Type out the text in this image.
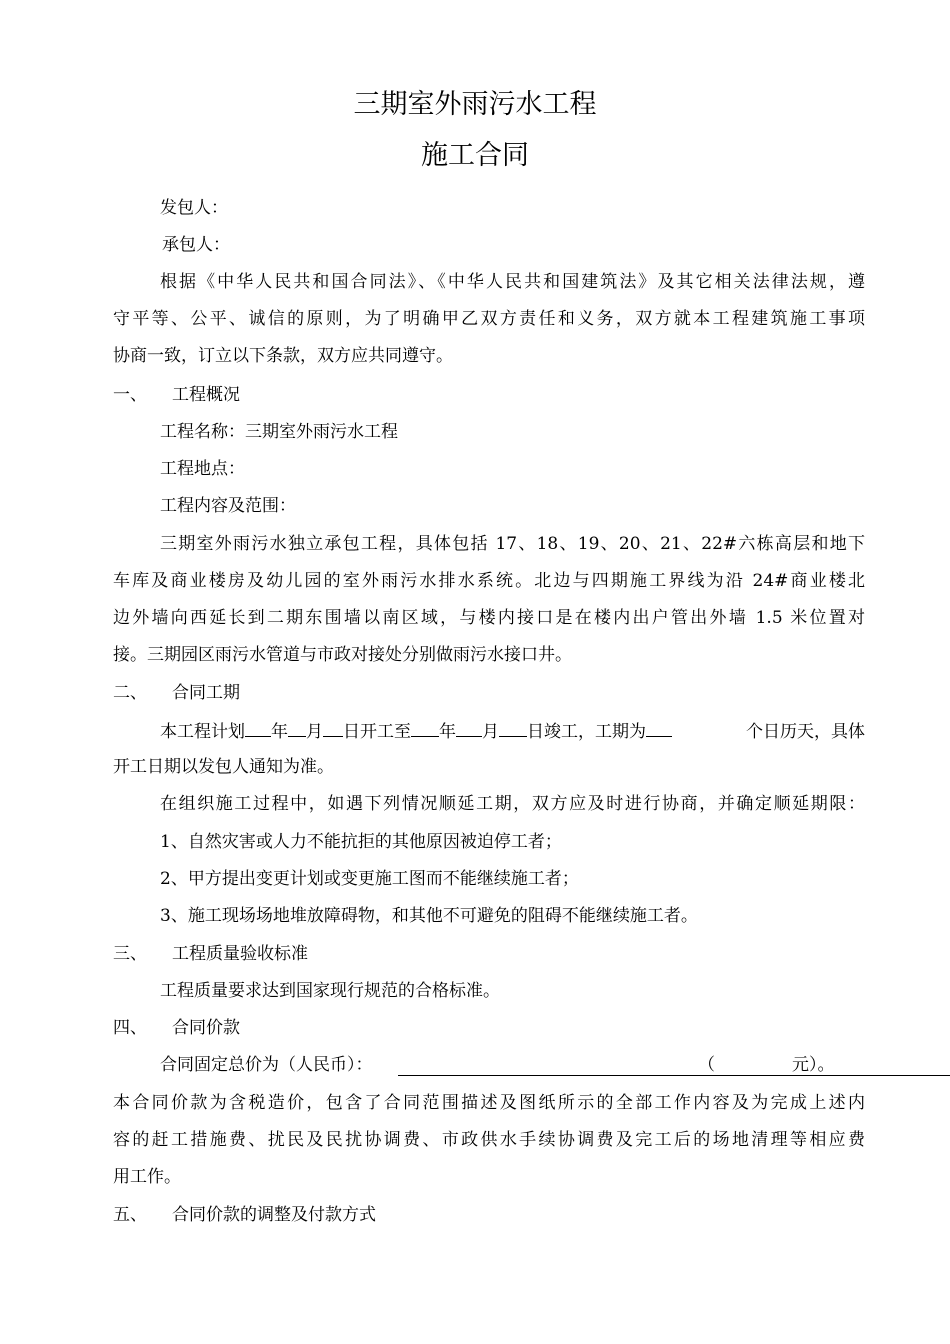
三期室外雨污水工程
施工合同
发包人：
承包人：
根据《中华人民共和国合同法》、《中华人民共和国建筑法》及其它相关法律法规，遵
守平等、公平、诚信的原则，为了明确甲乙双方责任和义务，双方就本工程建筑施工事项
协商一致，订立以下条款，双方应共同遵守。
一、 工程概况
工程名称：三期室外雨污水工程
工程地点：
工程内容及范围：
三期室外雨污水独立承包工程，具体包括 17、18、19、20、21、22#六栋高层和地下
车库及商业楼房及幼儿园的室外雨污水排水系统。北边与四期施工界线为沿 24#商业楼北
边外墙向西延长到二期东围墙以南区域，与楼内接口是在楼内出户管出外墙 1.5 米位置对
接。三期园区雨污水管道与市政对接处分别做雨污水接口井。
二、 合同工期
本工程计划 年 月 日开工至 年 月 日竣工，工期为	个日历天，具体
开工日期以发包人通知为准。
在组织施工过程中，如遇下列情况顺延工期，双方应及时进行协商，并确定顺延期限：
1、自然灾害或人力不能抗拒的其他原因被迫停工者；
2、甲方提出变更计划或变更施工图而不能继续施工者；
3、施工现场场地堆放障碍物，和其他不可避免的阻碍不能继续施工者。
三、 工程质量验收标准
工程质量要求达到国家现行规范的合格标准。
四、 合同价款
合同固定总价为（人民币）：	（	元）。
本合同价款为含税造价，包含了合同范围描述及图纸所示的全部工作内容及为完成上述内
容的赶工措施费、扰民及民扰协调费、市政供水手续协调费及完工后的场地清理等相应费
用工作。
五、 合同价款的调整及付款方式
